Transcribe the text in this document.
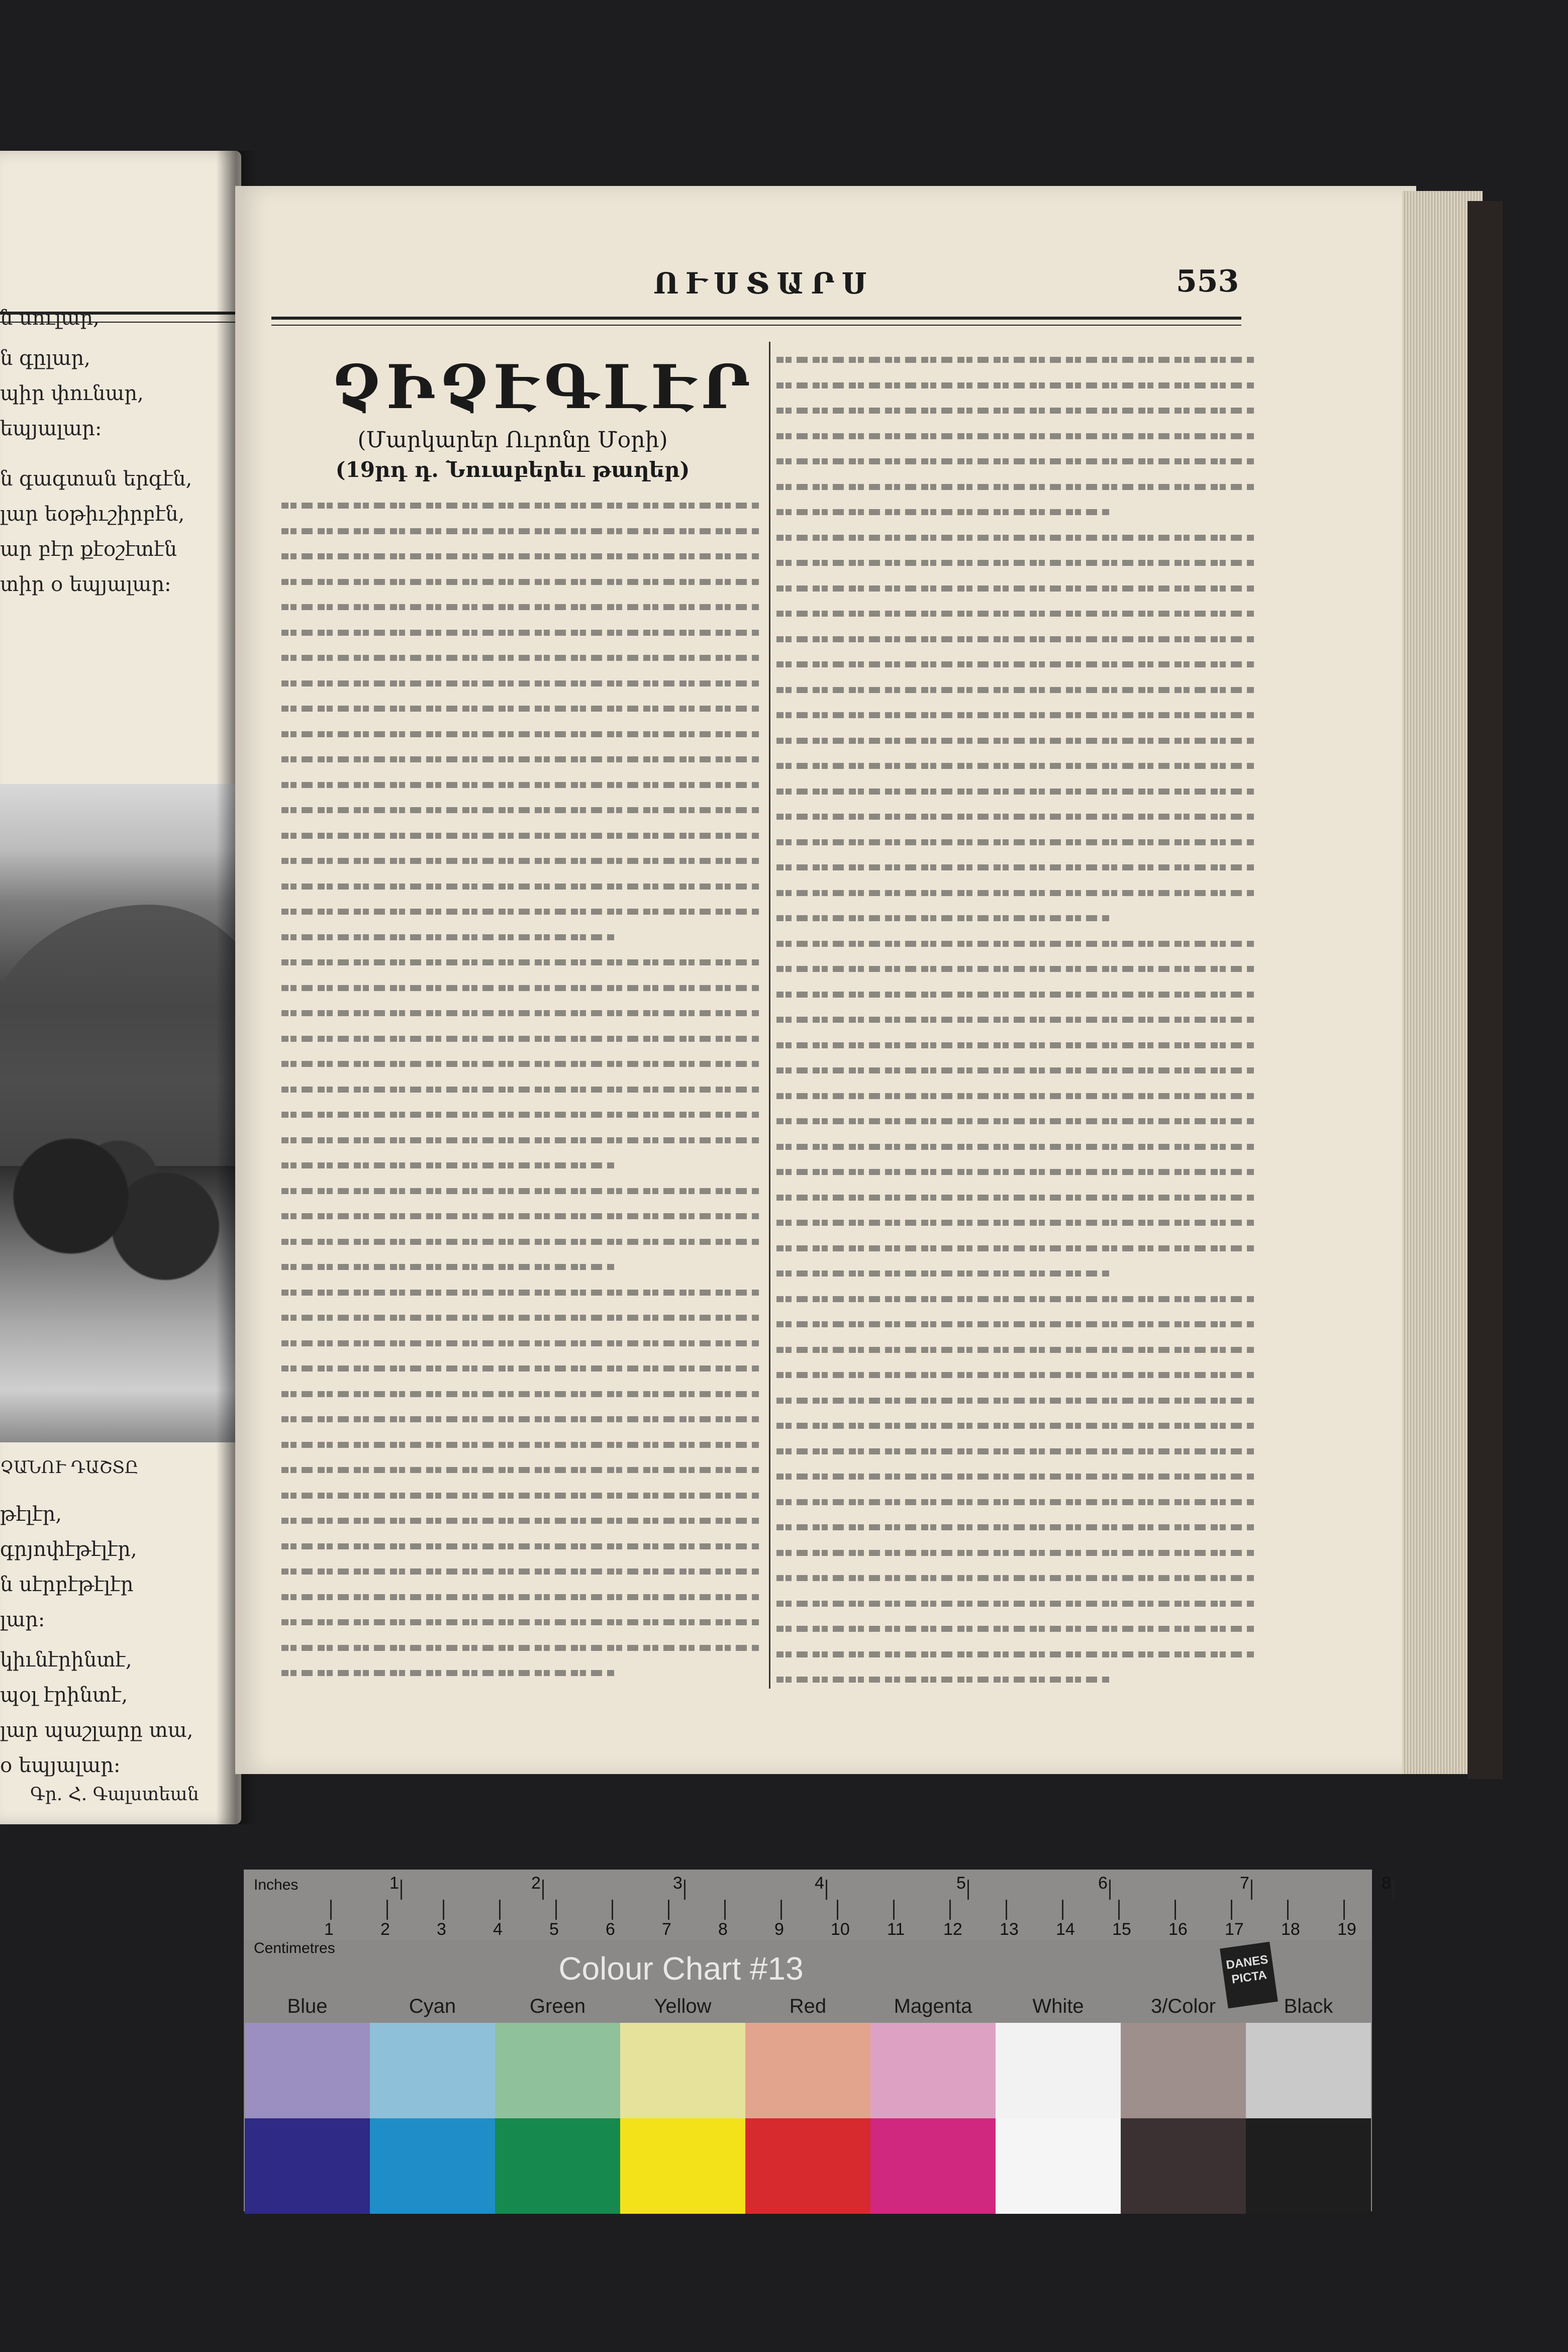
ն սուլար,
ն գըլար,
պիր փունար,
եպյալար։
ն գագտան երգէն,
լար եօթիւշիրբէն,
ար բէր քէօշէտէն
տիր օ եպյալար։
ՉԱՆՈՒ ԴԱՇՏԸ
թէլէր,
գրյոփէթէլէր,
ն սէրբէթէլէր
լար։
կիւնէրինտէ,
պօլ էրինտէ,
լար պաշլարը տա,
օ եպյալար։
Գր. Հ. Գալստեան
ՈՒՍՏԱՐՍ	553
ՉԻՉԷԳԼԷՐ
(Մարկարեր Ուրոնը Մօրի)
(19րդ դ. Նուաբերեւ թաղեր)
Inches
Centimetres
Colour Chart #13	DANES PICTA
1	2	3	4	5	6	7	8
1	2	3	4	5	6	7	8	9	10 11 12 13 14 15 16 17 18 19
Blue	Cyan	Green	Yellow	Red	Magenta	White	3/Color	Black
